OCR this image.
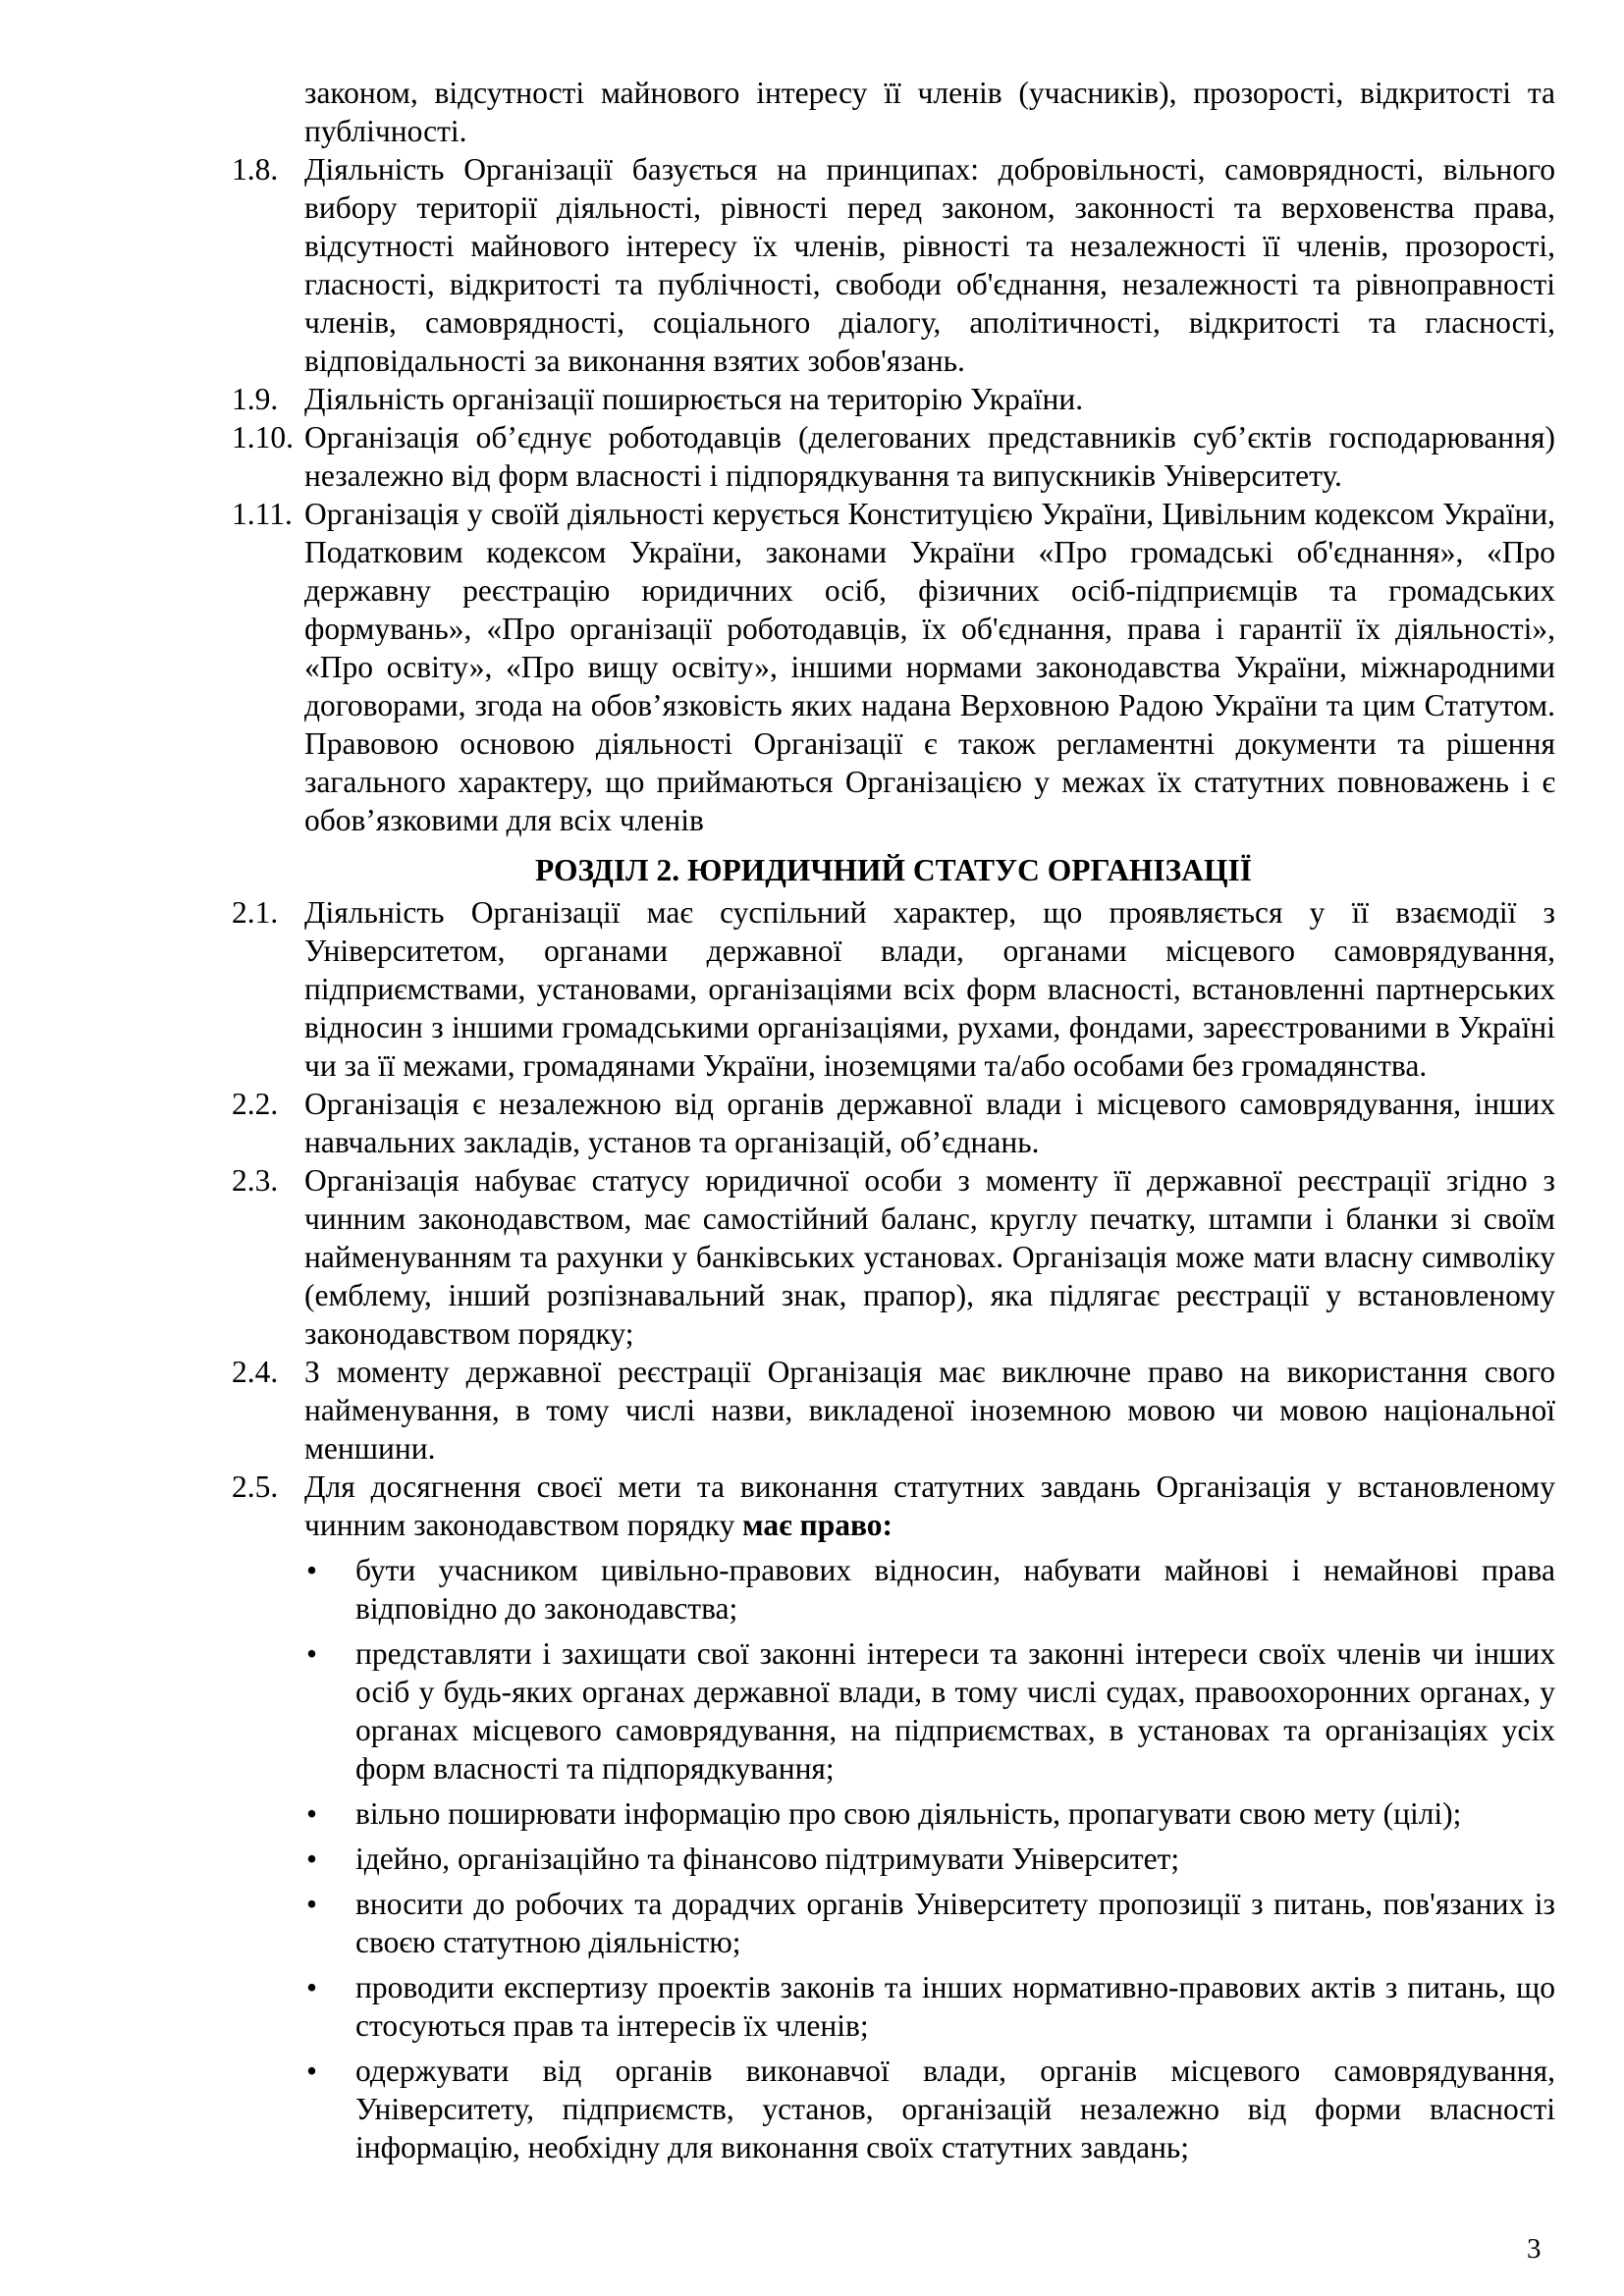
законом, відсутності майнового інтересу її членів (учасників), прозорості, відкритості та публічності.
1.8. Діяльність Організації базується на принципах: добровільності, самоврядності, вільного вибору території діяльності, рівності перед законом, законності та верховенства права, відсутності майнового інтересу їх членів, рівності та незалежності її членів, прозорості, гласності, відкритості та публічності, свободи об'єднання, незалежності та рівноправності членів, самоврядності, соціального діалогу, аполітичності, відкритості та гласності, відповідальності за виконання взятих зобов'язань.
1.9. Діяльність організації поширюється на територію України.
1.10. Організація об’єднує роботодавців (делегованих представників суб’єктів господарювання) незалежно від форм власності і підпорядкування та випускників Університету.
1.11. Організація у своїй діяльності керується Конституцією України, Цивільним кодексом України, Податковим кодексом України, законами України «Про громадські об'єднання», «Про державну реєстрацію юридичних осіб, фізичних осіб-підприємців та громадських формувань», «Про організації роботодавців, їх об'єднання, права і гарантії їх діяльності», «Про освіту», «Про вищу освіту», іншими нормами законодавства України, міжнародними договорами, згода на обов’язковість яких надана Верховною Радою України та цим Статутом. Правовою основою діяльності Організації є також регламентні документи та рішення загального характеру, що приймаються Організацією у межах їх статутних повноважень і є обов’язковими для всіх членів
РОЗДІЛ 2. ЮРИДИЧНИЙ СТАТУС ОРГАНІЗАЦІЇ
2.1. Діяльність Організації має суспільний характер, що проявляється у її взаємодії з Університетом, органами державної влади, органами місцевого самоврядування, підприємствами, установами, організаціями всіх форм власності, встановленні партнерських відносин з іншими громадськими організаціями, рухами, фондами, зареєстрованими в Україні чи за її межами, громадянами України, іноземцями та/або особами без громадянства.
2.2. Організація є незалежною від органів державної влади і місцевого самоврядування, інших навчальних закладів, установ та організацій, об’єднань.
2.3. Організація набуває статусу юридичної особи з моменту її державної реєстрації згідно з чинним законодавством, має самостійний баланс, круглу печатку, штампи і бланки зі своїм найменуванням та рахунки у банківських установах. Організація може мати власну символіку (емблему, інший розпізнавальний знак, прапор), яка підлягає реєстрації у встановленому законодавством порядку;
2.4. З моменту державної реєстрації Організація має виключне право на використання свого найменування, в тому числі назви, викладеної іноземною мовою чи мовою національної меншини.
2.5. Для досягнення своєї мети та виконання статутних завдань Організація у встановленому чинним законодавством порядку має право:
•	бути учасником цивільно-правових відносин, набувати майнові і немайнові права відповідно до законодавства;
•	представляти і захищати свої законні інтереси та законні інтереси своїх членів чи інших осіб у будь-яких органах державної влади, в тому числі судах, правоохоронних органах, у органах місцевого самоврядування, на підприємствах, в установах та організаціях усіх форм власності та підпорядкування;
•	вільно поширювати інформацію про свою діяльність, пропагувати свою мету (цілі);
•	ідейно, організаційно та фінансово підтримувати Університет;
•	вносити до робочих та дорадчих органів Університету пропозиції з питань, пов'язаних із своєю статутною діяльністю;
•	проводити експертизу проектів законів та інших нормативно-правових актів з питань, що стосуються прав та інтересів їх членів;
•	одержувати від органів виконавчої влади, органів місцевого самоврядування, Університету, підприємств, установ, організацій незалежно від форми власності інформацію, необхідну для виконання своїх статутних завдань;
3
